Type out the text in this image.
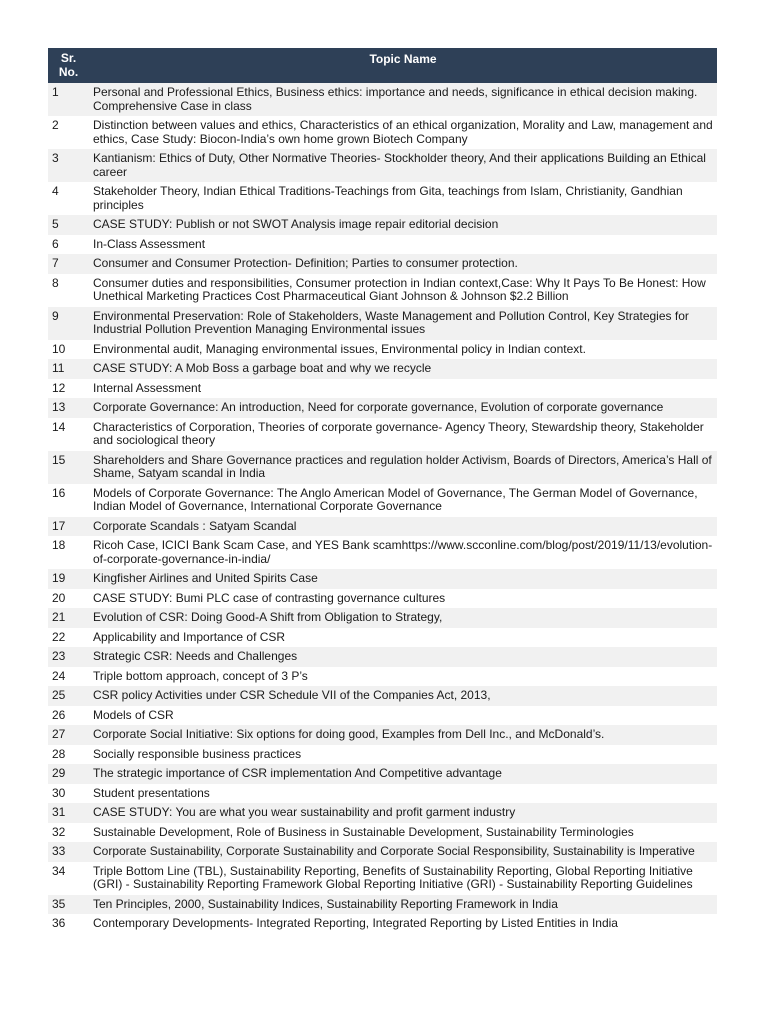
Sr. No.	Topic Name
1	Personal and Professional Ethics, Business ethics: importance and needs, significance in ethical decision making. Comprehensive Case in class
2	Distinction between values and ethics, Characteristics of an ethical organization, Morality and Law, management and ethics, Case Study: Biocon-India’s own home grown Biotech Company
3	Kantianism: Ethics of Duty, Other Normative Theories- Stockholder theory, And their applications Building an Ethical career
4	Stakeholder Theory, Indian Ethical Traditions-Teachings from Gita, teachings from Islam, Christianity, Gandhian principles
5	CASE STUDY: Publish or not SWOT Analysis image repair editorial decision
6	In-Class Assessment
7	Consumer and Consumer Protection- Definition; Parties to consumer protection.
8	Consumer duties and responsibilities, Consumer protection in Indian context,Case: Why It Pays To Be Honest: How Unethical Marketing Practices Cost Pharmaceutical Giant Johnson & Johnson $2.2 Billion
9	Environmental Preservation: Role of Stakeholders, Waste Management and Pollution Control, Key Strategies for Industrial Pollution Prevention Managing Environmental issues
10	Environmental audit, Managing environmental issues, Environmental policy in Indian context.
11	CASE STUDY: A Mob Boss a garbage boat and why we recycle
12	Internal Assessment
13	Corporate Governance: An introduction, Need for corporate governance, Evolution of corporate governance
14	Characteristics of Corporation, Theories of corporate governance- Agency Theory, Stewardship theory, Stakeholder and sociological theory
15	Shareholders and Share Governance practices and regulation holder Activism, Boards of Directors, America’s Hall of Shame, Satyam scandal in India
16	Models of Corporate Governance: The Anglo American Model of Governance, The German Model of Governance, Indian Model of Governance, International Corporate Governance
17	Corporate Scandals : Satyam Scandal
18	Ricoh Case, ICICI Bank Scam Case, and YES Bank scamhttps://www.scconline.com/blog/post/2019/11/13/evolution-of-corporate-governance-in-india/
19	Kingfisher Airlines and United Spirits Case
20	CASE STUDY: Bumi PLC case of contrasting governance cultures
21	Evolution of CSR: Doing Good-A Shift from Obligation to Strategy,
22	Applicability and Importance of CSR
23	Strategic CSR: Needs and Challenges
24	Triple bottom approach, concept of 3 P’s
25	CSR policy Activities under CSR Schedule VII of the Companies Act, 2013,
26	Models of CSR
27	Corporate Social Initiative: Six options for doing good, Examples from Dell Inc., and McDonald’s.
28	Socially responsible business practices
29	The strategic importance of CSR implementation And Competitive advantage
30	Student presentations
31	CASE STUDY: You are what you wear sustainability and profit garment industry
32	Sustainable Development, Role of Business in Sustainable Development, Sustainability Terminologies
33	Corporate Sustainability, Corporate Sustainability and Corporate Social Responsibility, Sustainability is Imperative
34	Triple Bottom Line (TBL), Sustainability Reporting, Benefits of Sustainability Reporting, Global Reporting Initiative (GRI) - Sustainability Reporting Framework Global Reporting Initiative (GRI) - Sustainability Reporting Guidelines
35	Ten Principles, 2000, Sustainability Indices, Sustainability Reporting Framework in India
36	Contemporary Developments- Integrated Reporting, Integrated Reporting by Listed Entities in India
